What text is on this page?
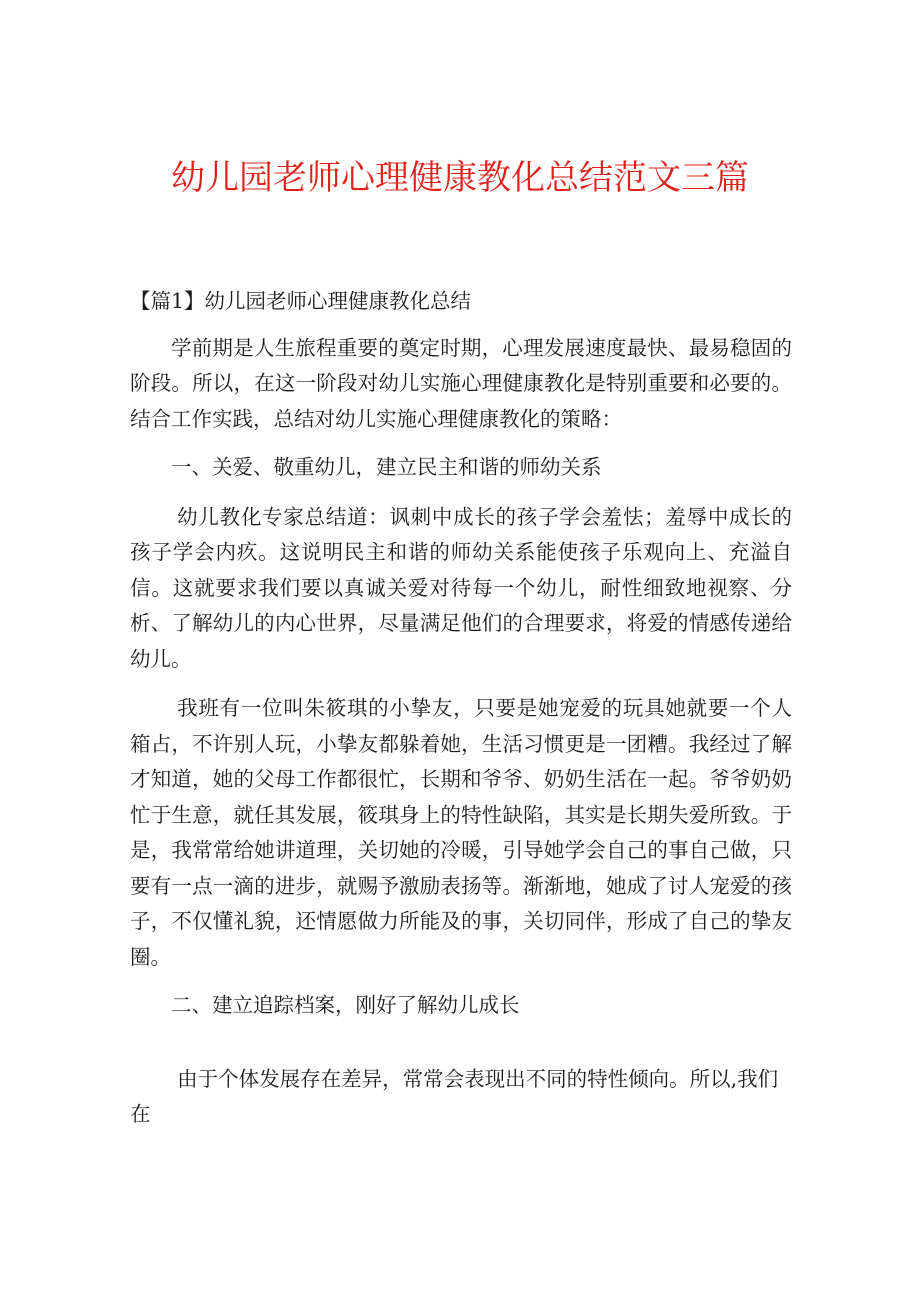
幼儿园老师心理健康教化总结范文三篇

【篇1】幼儿园老师心理健康教化总结

学前期是人生旅程重要的奠定时期，心理发展速度最快、最易稳固的阶段。所以，在这一阶段对幼儿实施心理健康教化是特别重要和必要的。结合工作实践，总结对幼儿实施心理健康教化的策略：

一、关爱、敬重幼儿，建立民主和谐的师幼关系

幼儿教化专家总结道：讽刺中成长的孩子学会羞怯；羞辱中成长的孩子学会内疚。这说明民主和谐的师幼关系能使孩子乐观向上、充溢自信。这就要求我们要以真诚关爱对待每一个幼儿，耐性细致地视察、分析、了解幼儿的内心世界，尽量满足他们的合理要求，将爱的情感传递给幼儿。

我班有一位叫朱筱琪的小挚友，只要是她宠爱的玩具她就要一个人箱占，不许别人玩，小挚友都躲着她，生活习惯更是一团糟。我经过了解才知道，她的父母工作都很忙，长期和爷爷、奶奶生活在一起。爷爷奶奶忙于生意，就任其发展，筱琪身上的特性缺陷，其实是长期失爱所致。于是，我常常给她讲道理，关切她的冷暖，引导她学会自己的事自己做，只要有一点一滴的进步，就赐予激励表扬等。渐渐地，她成了讨人宠爱的孩子，不仅懂礼貌，还情愿做力所能及的事，关切同伴，形成了自己的挚友圈。

二、建立追踪档案，刚好了解幼儿成长

由于个体发展存在差异，常常会表现出不同的特性倾向。所以,我们在
